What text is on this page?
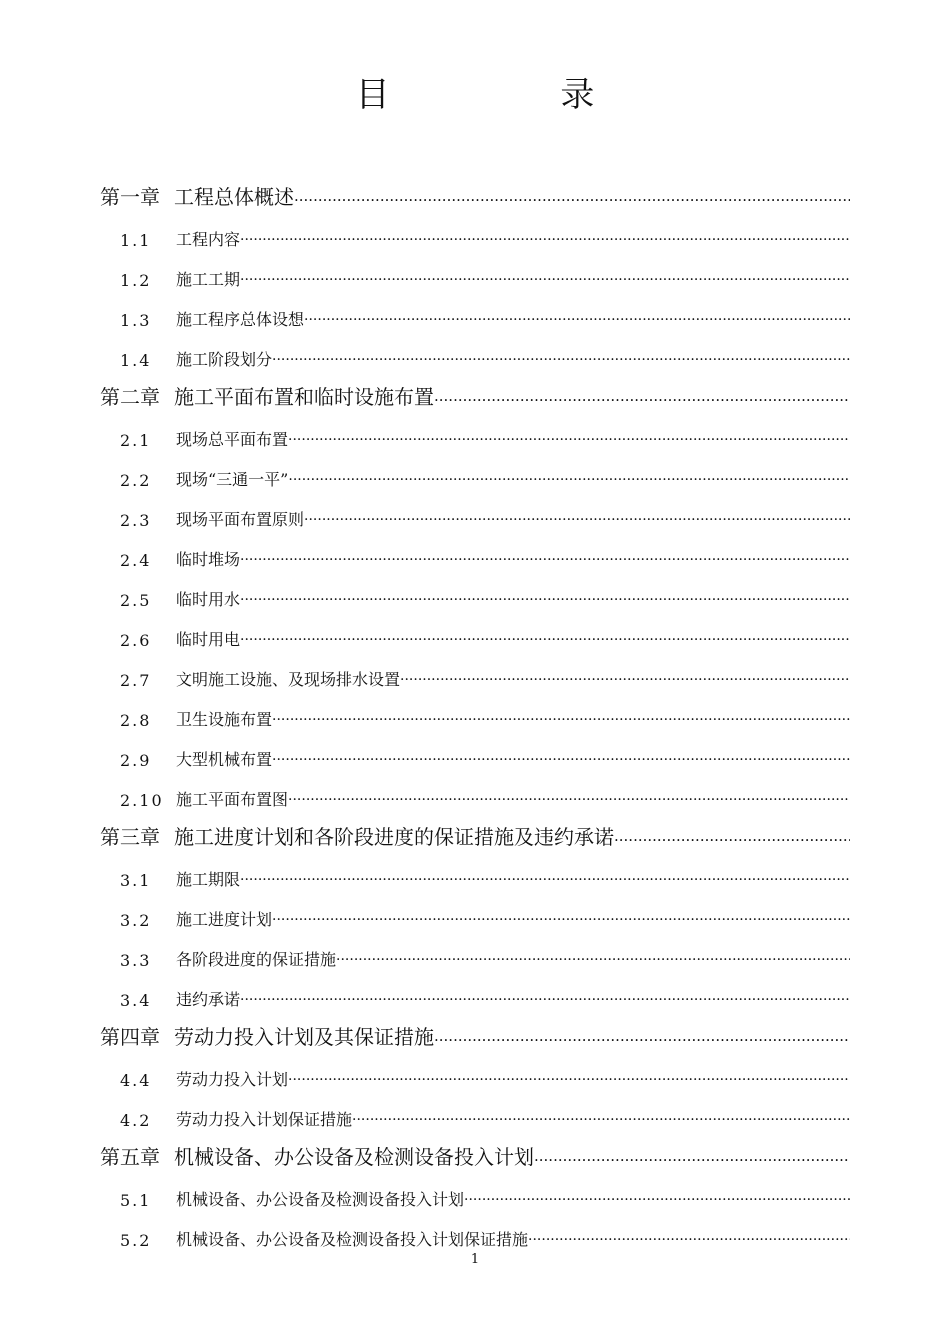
目 录
第一章 工程总体概述
·····
1.1	工程内容
·····
1.2	施工工期
·····
1.3	施工程序总体设想
·····
1.4	施工阶段划分
·····
第二章 施工平面布置和临时设施布置
·····
2.1	现场总平面布置
·····
2.2	现场“三通一平”
·····
2.3	现场平面布置原则
·····
2.4	临时堆场
·····
2.5	临时用水
·····
2.6	临时用电
·····
2.7	文明施工设施、及现场排水设置
·····
2.8	卫生设施布置
·····
2.9	大型机械布置
·····
2.10 施工平面布置图
·····
第三章 施工进度计划和各阶段进度的保证措施及违约承诺
·····
3.1	施工期限
·····
3.2	施工进度计划
·····
3.3	各阶段进度的保证措施
·····
3.4	违约承诺
·····
第四章 劳动力投入计划及其保证措施
·····
4.4	劳动力投入计划
·····
4.2	劳动力投入计划保证措施
·····
第五章 机械设备、办公设备及检测设备投入计划
·····
5.1	机械设备、办公设备及检测设备投入计划
·····
5.2	机械设备、办公设备及检测设备投入计划保证措施
·····
1
